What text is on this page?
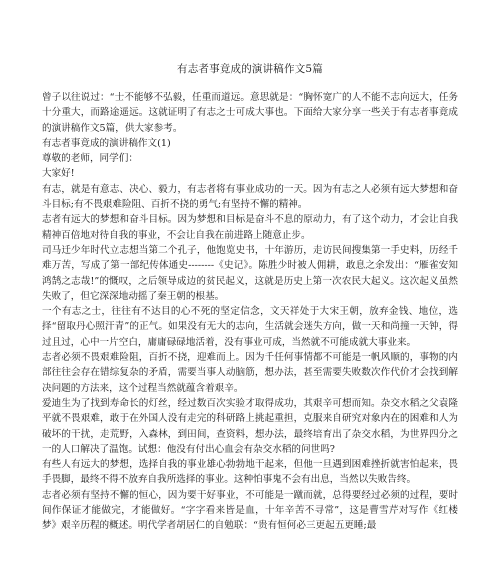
有志者事竟成的演讲稿作文5篇

曾子以往说过：“士不能够不弘毅，任重而道远。意思就是：“胸怀宽广的人不能不志向远大，任务十分重大，而路途遥远。这就证明了有志之士可成大事也。下面给大家分享一些关于有志者事竟成的演讲稿作文5篇，供大家参考。

有志者事竟成的演讲稿作文(1)

尊敬的老师，同学们：

大家好!

有志，就是有意志、决心、毅力，有志者将有事业成功的一天。因为有志之人必须有远大梦想和奋斗目标;有不畏艰难险阻、百折不挠的勇气;有坚持不懈的精神。

志者有远大的梦想和奋斗目标。因为梦想和目标是奋斗不息的原动力，有了这个动力，才会让自我精神百倍地对待自我的事业，不会让自我在前进路上随意止步。

司马迁少年时代立志想当第二个孔子，他饱览史书，十年游历，走访民间搜集第一手史料，历经千难万苦，写成了第一部纪传体通史--------《史记》。陈胜少时被人佣耕，敢息之余发出：“雁雀安知鸿鹄之志哉!”的慨叹，之后领导成边的贫民起义，这就是历史上第一次农民大起义。这次起义虽然失败了，但它深深地动摇了秦王朝的根基。

一个有志之士，往往有不达目的心不死的坚定信念，文天祥处于大宋王朝，放弃金钱、地位，选择“留取丹心照汗青”的正气。如果没有无大的志向，生活就会迷失方向，做一天和尚撞一天钟，得过且过，心中一片空白，庸庸碌碌地活着，没有事业可成，当然就不可能成就大事业来。

志者必须不畏艰难险阻，百折不挠，迎难而上。因为千任何事情都不可能是一帆风顺的，事物的内部往往会存在错综复杂的矛盾，需要当事人动脑筋，想办法，甚至需要失败数次作代价才会找到解决问题的方法来，这个过程当然就蕴含着艰辛。

爱迪生为了找到寿命长的灯丝，经过数百次实验才取得成功，其艰辛可想而知。杂交水稻之父袁隆平就不畏艰难，敢于在外国人没有走完的科研路上挑起重担，克服来自研究对象内在的困难和人为破坏的干扰，走荒野，入森林，到田间，查资料，想办法，最终培育出了杂交水稻，为世界四分之一的人口解决了温饱。试想：他没有付出心血会有杂交水稻的问世吗?

有些人有远大的梦想，选择自我的事业雄心勃勃地干起来，但他一旦遇到困难挫折就害怕起来，畏手畏脚，最终不得不放弃自我所选择的事业。这种怕事鬼不会有出息，当然以失败告终。

志者必须有坚持不懈的恒心，因为要干好事业，不可能是一蹴而就，总得要经过必须的过程，要时间作保证才能做完，才能做好。“字字看来皆是血，十年辛苦不寻常”，这是曹雪芹对写作《红楼梦》艰辛历程的概述。明代学者胡居仁的自勉联：“贵有恒何必三更起五更睡;最
